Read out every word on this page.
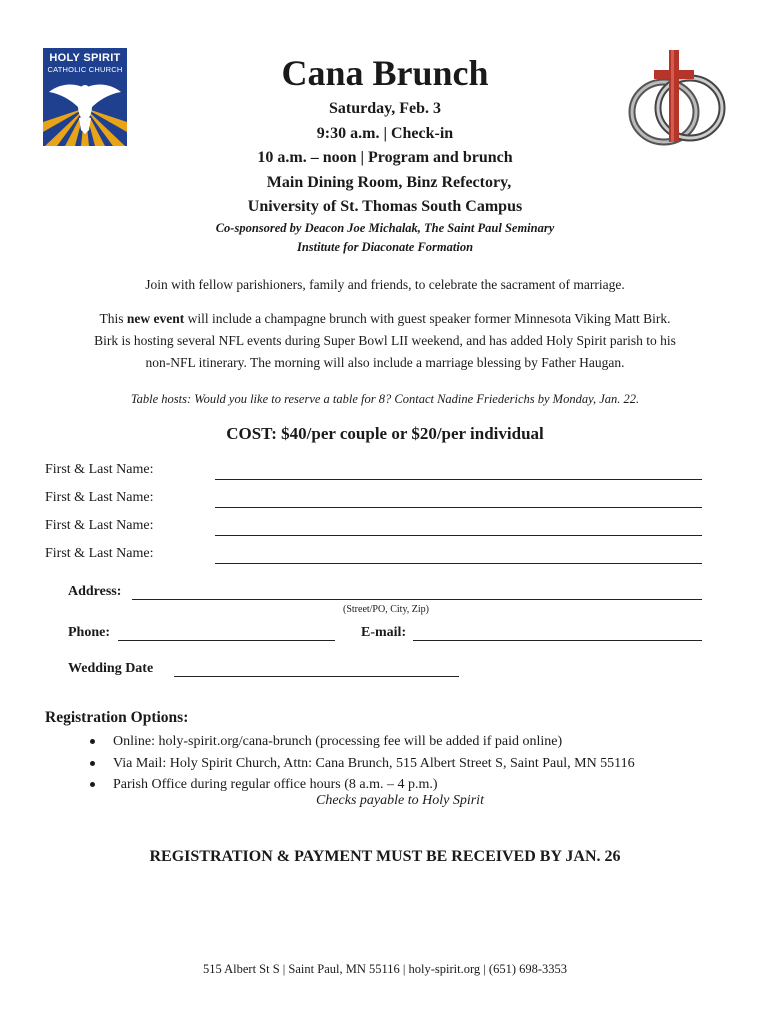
HOLY SPIRIT
CATHOLIC CHURCH	Cana Brunch
Saturday, Feb. 3
9:30 a.m. | Check-in
10 a.m. – noon | Program and brunch
Main Dining Room, Binz Refectory,
University of St. Thomas South Campus
Co-sponsored by Deacon Joe Michalak, The Saint Paul Seminary
Institute for Diaconate Formation
Join with fellow parishioners, family and friends, to celebrate the sacrament of marriage.
This new event will include a champagne brunch with guest speaker former Minnesota Viking Matt Birk.
Birk is hosting several NFL events during Super Bowl LII weekend, and has added Holy Spirit parish to his
non-NFL itinerary. The morning will also include a marriage blessing by Father Haugan.
Table hosts: Would you like to reserve a table for 8? Contact Nadine Friederichs by Monday, Jan. 22.
COST: $40/per couple or $20/per individual
First & Last Name:
First & Last Name:
First & Last Name:
First & Last Name:
Address:
(Street/PO, City, Zip)
Phone:	E-mail:
Wedding Date
Registration Options:
Online: holy-spirit.org/cana-brunch (processing fee will be added if paid online)
Via Mail: Holy Spirit Church, Attn: Cana Brunch, 515 Albert Street S, Saint Paul, MN 55116
Parish Office during regular office hours (8 a.m. – 4 p.m.)
Checks payable to Holy Spirit
REGISTRATION & PAYMENT MUST BE RECEIVED BY JAN. 26
515 Albert St S | Saint Paul, MN 55116 | holy-spirit.org | (651) 698-3353
